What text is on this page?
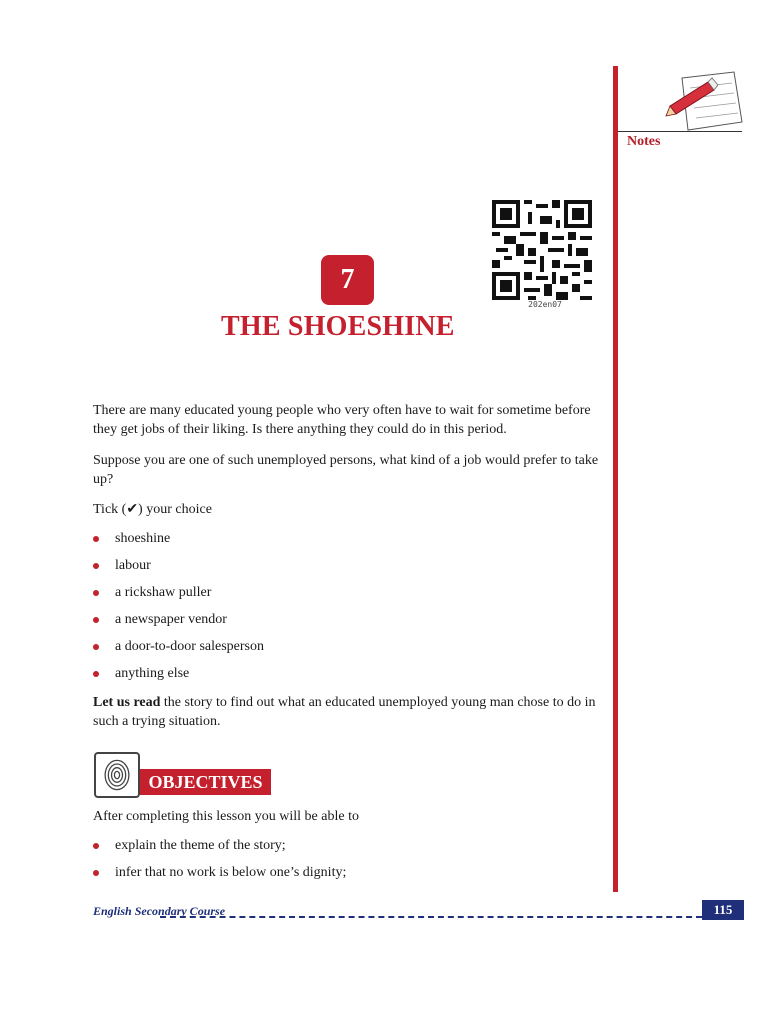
Notes
202en07
7
THE SHOESHINE
There are many educated young people who very often have to wait for sometime before they get jobs of their liking. Is there anything they could do in this period.
Suppose you are one of such unemployed persons, what kind of a job would prefer to take up?
Tick (✔) your choice
shoeshine
labour
a rickshaw puller
a newspaper vendor
a door-to-door salesperson
anything else
Let us read the story to find out what an educated unemployed young man chose to do in such a trying situation.
OBJECTIVES
After completing this lesson you will be able to
explain the theme of the story;
infer that no work is below one’s dignity;
English Secondary Course	115
